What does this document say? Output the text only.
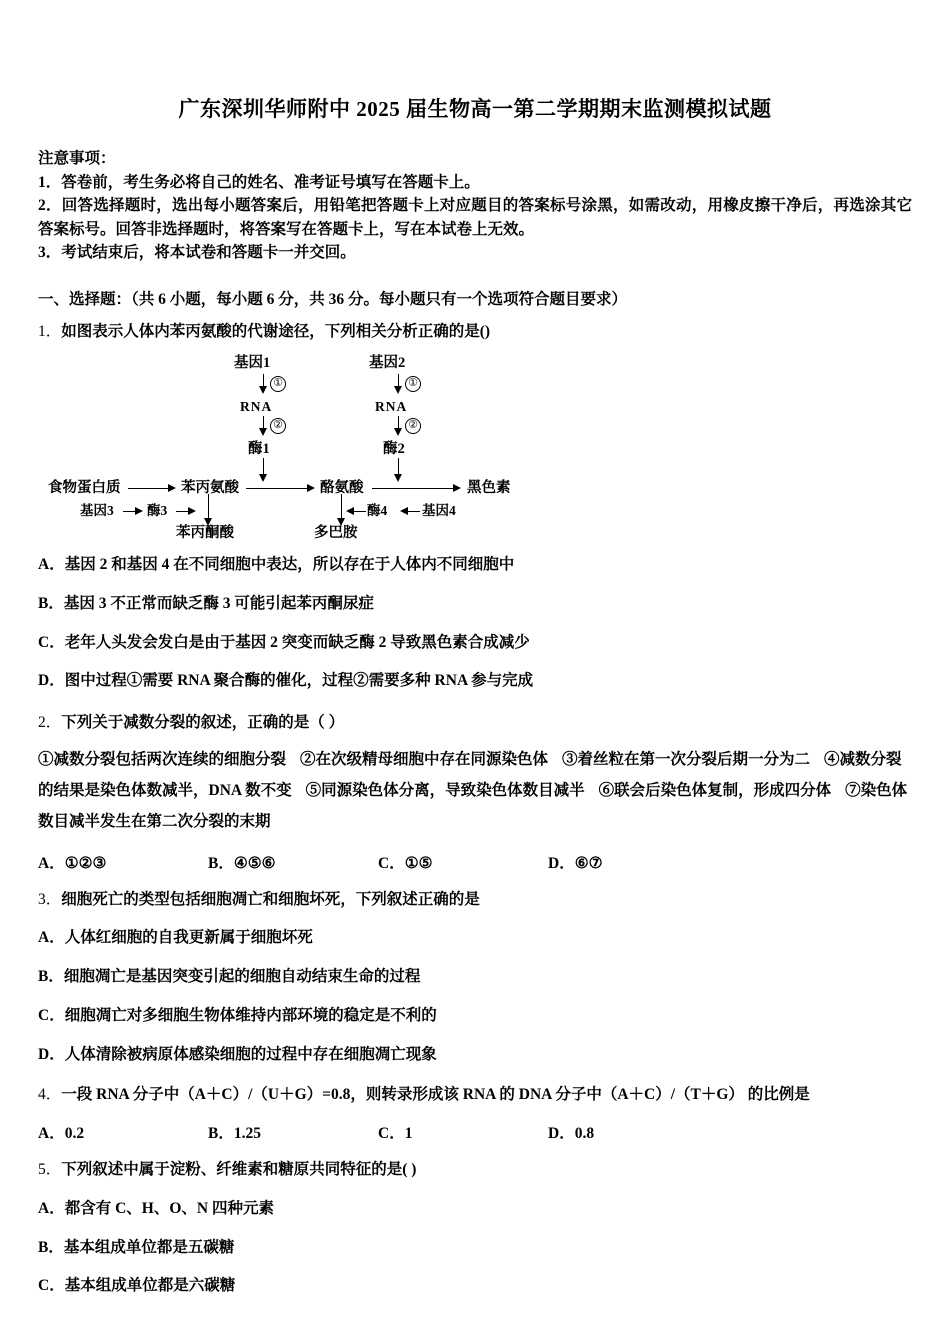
广东深圳华师附中 2025 届生物高一第二学期期末监测模拟试题
注意事项：
1．答卷前，考生务必将自己的姓名、准考证号填写在答题卡上。
2．回答选择题时，选出每小题答案后，用铅笔把答题卡上对应题目的答案标号涂黑，如需改动，用橡皮擦干净后，再选涂其它答案标号。回答非选择题时，将答案写在答题卡上，写在本试卷上无效。
3．考试结束后，将本试卷和答题卡一并交回。
一、选择题：（共 6 小题，每小题 6 分，共 36 分。每小题只有一个选项符合题目要求）
1．如图表示人体内苯丙氨酸的代谢途径，下列相关分析正确的是()
基因1
①
RNA
②
酶1
基因2
①
RNA
②
酶2
食物蛋白质	苯丙氨酸	酪氨酸	黑色素
基因3 酶3
苯丙酮酸	多巴胺
酶4	基因4
A．基因 2 和基因 4 在不同细胞中表达，所以存在于人体内不同细胞中
B．基因 3 不正常而缺乏酶 3 可能引起苯丙酮尿症
C．老年人头发会发白是由于基因 2 突变而缺乏酶 2 导致黑色素合成减少
D．图中过程①需要 RNA 聚合酶的催化，过程②需要多种 RNA 参与完成
2．下列关于减数分裂的叙述，正确的是（ ）
①减数分裂包括两次连续的细胞分裂 ②在次级精母细胞中存在同源染色体 ③着丝粒在第一次分裂后期一分为二 ④减数分裂的结果是染色体数减半，DNA 数不变 ⑤同源染色体分离，导致染色体数目减半 ⑥联会后染色体复制，形成四分体 ⑦染色体数目减半发生在第二次分裂的末期
A．①②③	B．④⑤⑥	C．①⑤	D．⑥⑦
3．细胞死亡的类型包括细胞凋亡和细胞坏死，下列叙述正确的是
A．人体红细胞的自我更新属于细胞坏死
B．细胞凋亡是基因突变引起的细胞自动结束生命的过程
C．细胞凋亡对多细胞生物体维持内部环境的稳定是不利的
D．人体清除被病原体感染细胞的过程中存在细胞凋亡现象
4．一段 RNA 分子中（A＋C）/（U＋G）=0.8，则转录形成该 RNA 的 DNA 分子中（A＋C）/（T＋G） 的比例是
A．0.2	B．1.25	C．1	D．0.8
5．下列叙述中属于淀粉、纤维素和糖原共同特征的是( )
A．都含有 C、H、O、N 四种元素
B．基本组成单位都是五碳糖
C．基本组成单位都是六碳糖
